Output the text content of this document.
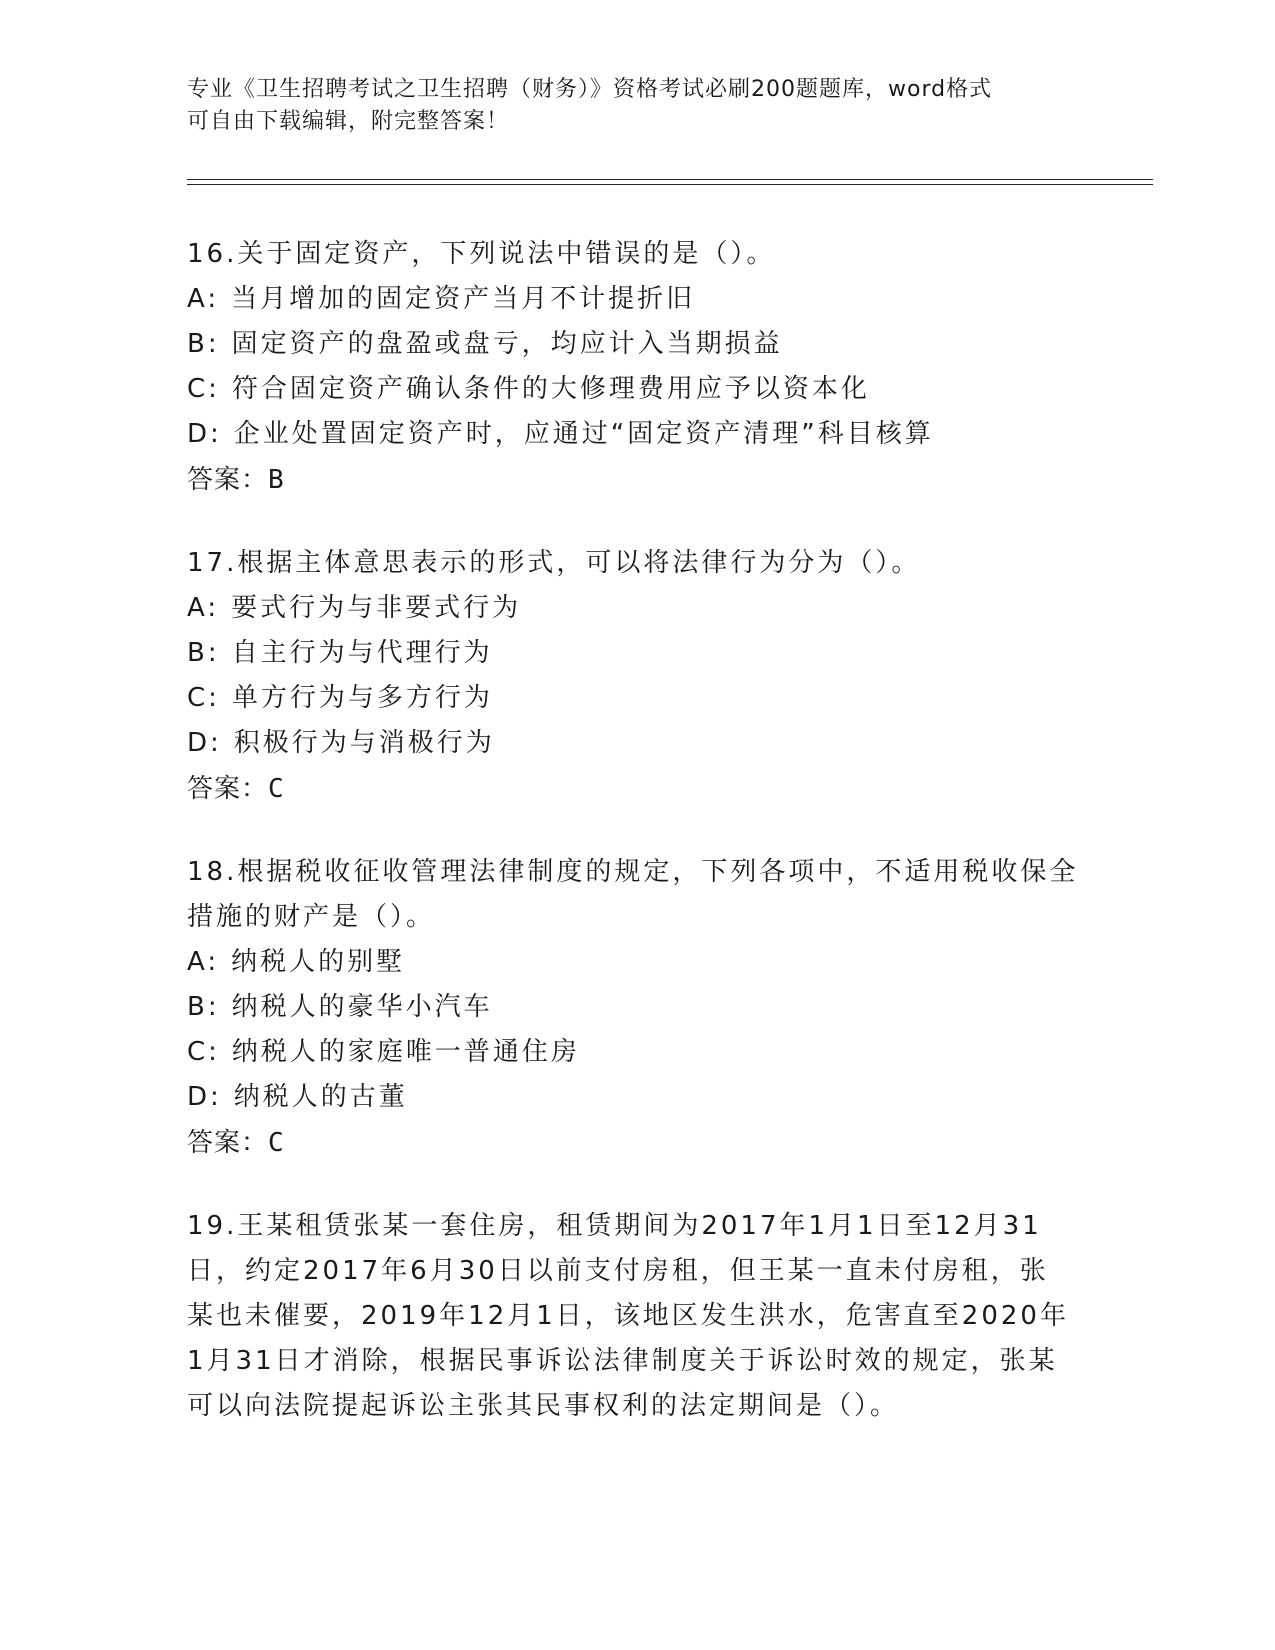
专业《卫生招聘考试之卫生招聘（财务）》资格考试必刷200题题库，word格式
可自由下载编辑，附完整答案！
16.关于固定资产，下列说法中错误的是（）。
A: 当月增加的固定资产当月不计提折旧
B: 固定资产的盘盈或盘亏，均应计入当期损益
C: 符合固定资产确认条件的大修理费用应予以资本化
D: 企业处置固定资产时，应通过“固定资产清理”科目核算
答案：B
17.根据主体意思表示的形式，可以将法律行为分为（）。
A: 要式行为与非要式行为
B: 自主行为与代理行为
C: 单方行为与多方行为
D: 积极行为与消极行为
答案：C
18.根据税收征收管理法律制度的规定，下列各项中，不适用税收保全
措施的财产是（）。
A: 纳税人的别墅
B: 纳税人的豪华小汽车
C: 纳税人的家庭唯一普通住房
D: 纳税人的古董
答案：C
19.王某租赁张某一套住房，租赁期间为2017年1月1日至12月31
日，约定2017年6月30日以前支付房租，但王某一直未付房租，张
某也未催要，2019年12月1日，该地区发生洪水，危害直至2020年
1月31日才消除，根据民事诉讼法律制度关于诉讼时效的规定，张某
可以向法院提起诉讼主张其民事权利的法定期间是（）。
